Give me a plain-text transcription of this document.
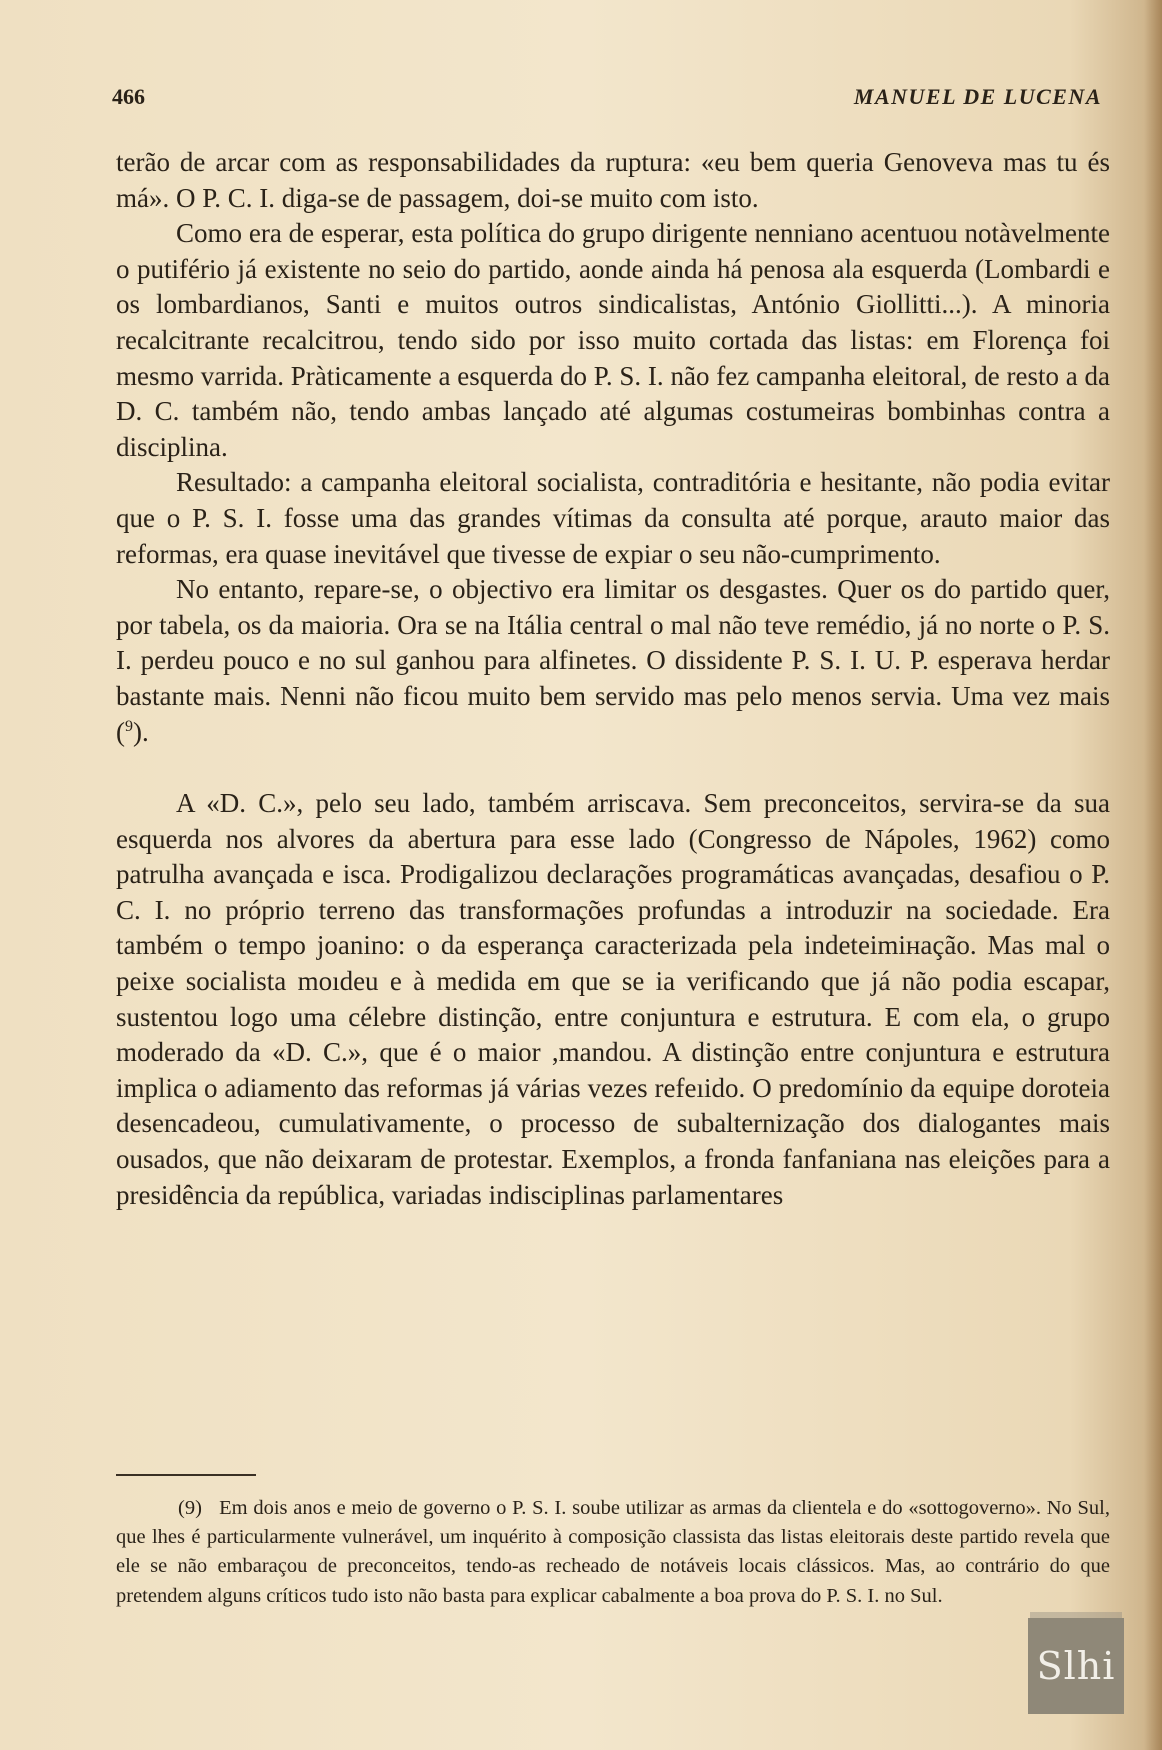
466	MANUEL DE LUCENA

terão de arcar com as responsabilidades da ruptura: «eu bem queria Genoveva mas tu és má». O P. C. I. diga-se de passagem, doi-se muito com isto.

Como era de esperar, esta política do grupo dirigente nenniano acentuou notàvelmente o putifério já existente no seio do partido, aonde ainda há penosa ala esquerda (Lombardi e os lombardianos, Santi e muitos outros sindicalistas, António Giollitti...). A minoria recalcitrante recalcitrou, tendo sido por isso muito cortada das listas: em Florença foi mesmo varrida. Pràticamente a esquerda do P. S. I. não fez campanha eleitoral, de resto a da D. C. também não, tendo ambas lançado até algumas costumeiras bombinhas contra a disciplina.

Resultado: a campanha eleitoral socialista, contraditória e hesitante, não podia evitar que o P. S. I. fosse uma das grandes vítimas da consulta até porque, arauto maior das reformas, era quase inevitável que tivesse de expiar o seu não-cumprimento.

No entanto, repare-se, o objectivo era limitar os desgastes. Quer os do partido quer, por tabela, os da maioria. Ora se na Itália central o mal não teve remédio, já no norte o P. S. I. perdeu pouco e no sul ganhou para alfinetes. O dissidente P. S. I. U. P. esperava herdar bastante mais. Nenni não ficou muito bem servido mas pelo menos servia. Uma vez mais ($^9$).

A «D. C.», pelo seu lado, também arriscava. Sem preconceitos, servira-se da sua esquerda nos alvores da abertura para esse lado (Congresso de Nápoles, 1962) como patrulha avançada e isca. Prodigalizou declarações programáticas avançadas, desafiou o P. C. I. no próprio terreno das transformações profundas a introduzir na sociedade. Era também o tempo joanino: o da esperança caracterizada pela indeteimінação. Mas mal o peixe socialista moıdeu e à medida em que se ia verificando que já não podia escapar, sustentou logo uma célebre distinção, entre conjuntura e estrutura. E com ela, o grupo moderado da «D. C.», que é o maior ,mandou. A distinção entre conjuntura e estrutura implica o adiamento das reformas já várias vezes refeıido. O predomínio da equipe doroteia desencadeou, cumulativamente, o processo de subalternização dos dialogantes mais ousados, que não deixaram de protestar. Exemplos, a fronda fanfaniana nas eleições para a presidência da república, variadas indisciplinas parlamentares

(9)   Em dois anos e meio de governo o P. S. I. soube utilizar as armas da clientela e do «sottogoverno». No Sul, que lhes é particularmente vulnerável, um inquérito à composição classista das listas eleitorais deste partido revela que ele se não embaraçou de preconceitos, tendo-as recheado de notáveis locais clássicos. Mas, ao contrário do que pretendem alguns críticos tudo isto não basta para explicar cabalmente a boa prova do P. S. I. no Sul.

Slhi
